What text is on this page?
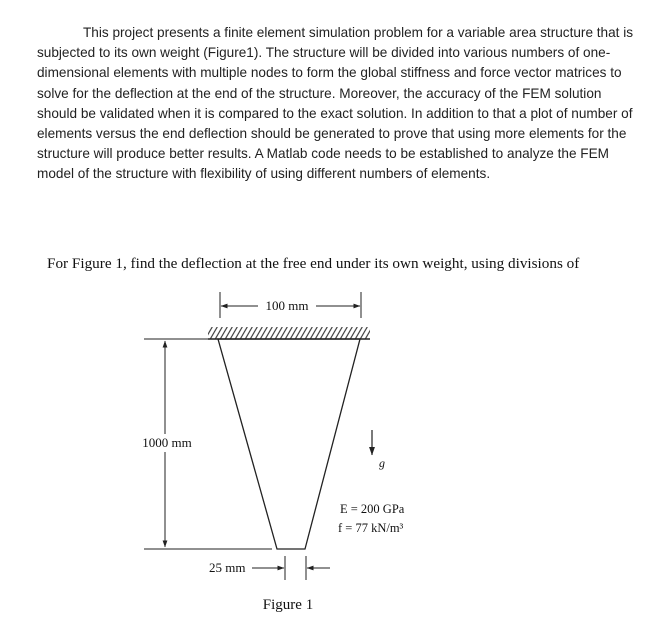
This project presents a finite element simulation problem for a variable area structure that is subjected to its own weight (Figure1). The structure will be divided into various numbers of one-dimensional elements with multiple nodes to form the global stiffness and force vector matrices to solve for the deflection at the end of the structure. Moreover, the accuracy of the FEM solution should be validated when it is compared to the exact solution. In addition to that a plot of number of elements versus the end deflection should be generated to prove that using more elements for the structure will produce better results. A Matlab code needs to be established to analyze the FEM model of the structure with flexibility of using different numbers of elements.

For Figure 1, find the deflection at the free end under its own weight, using divisions of
100 mm
1000 mm
g
E = 200 GPa
f = 77 kN/m³
25 mm
Figure 1
